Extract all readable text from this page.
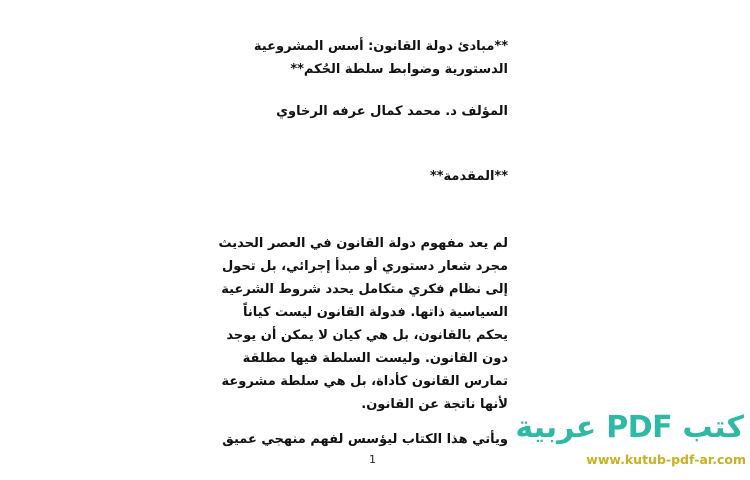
**مبادئ دولة القانون: أسس المشروعية
الدستورية وضوابط سلطة الحُكم**
المؤلف د. محمد كمال عرفه الرخاوي
**المقدمة**
لم يعد مفهوم دولة القانون في العصر الحديث
مجرد شعار دستوري أو مبدأ إجرائي، بل تحول
إلى نظام فكري متكامل يحدد شروط الشرعية
السياسية ذاتها. فدولة القانون ليست كياناً
يحكم بالقانون، بل هي كيان لا يمكن أن يوجد
دون القانون. وليست السلطة فيها مطلقة
تمارس القانون كأداة، بل هي سلطة مشروعة
لأنها ناتجة عن القانون.
ويأتي هذا الكتاب ليؤسس لفهم منهجي عميق
1
كتب PDF عربية
www.kutub-pdf-ar.com
